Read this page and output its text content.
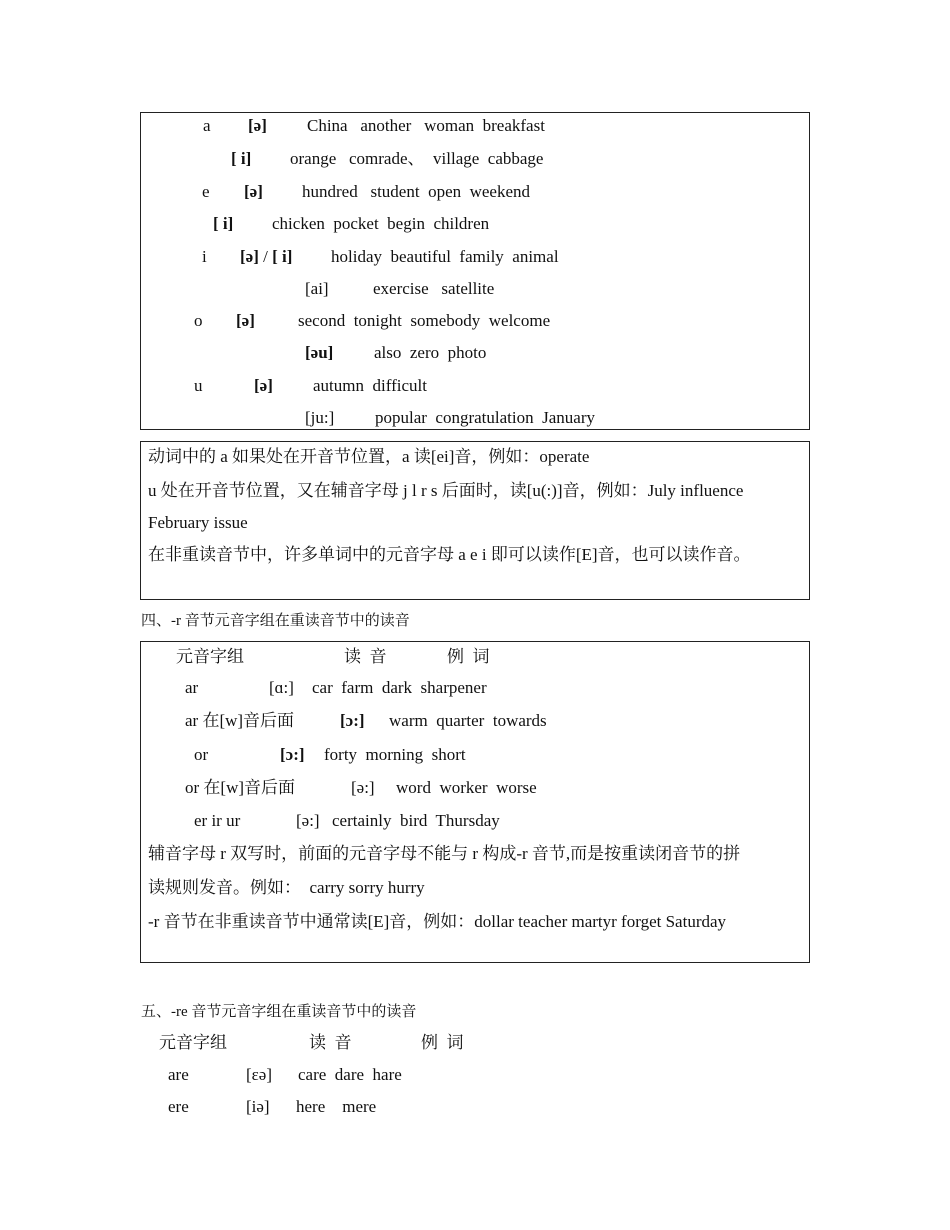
a [ə] China   another   woman  breakfast
[ i] orange   comrade、  village  cabbage
e [ə] hundred   student  open  weekend
[ i] chicken  pocket  begin  children
i [ə] / [ i] holiday  beautiful  family  animal
[ai]	exercise   satellite
o [ə]	second  tonight  somebody  welcome
[əu] also  zero  photo
u	[ə] autumn  difficult
[ju:] popular  congratulation  January
动词中的 a 如果处在开音节位置，a 读[ei]音，例如：operate
u 处在开音节位置，又在辅音字母 j l r s 后面时，读[u(:)]音，例如：July influence
February issue
在非重读音节中，许多单词中的元音字母 a e i 即可以读作[E]音，也可以读作音。
四、-r 音节元音字组在重读音节中的读音
元音字组	读  音	例  词
ar	[ɑ:] car  farm  dark  sharpener
ar 在[w]音后面	[ɔ:] warm  quarter  towards
or	[ɔ:] forty  morning  short
or 在[w]音后面	[ə:] word  worker  worse
er ir ur	[ə:] certainly  bird  Thursday
辅音字母 r 双写时，前面的元音字母不能与 r 构成-r 音节,而是按重读闭音节的拼
读规则发音。例如：  carry sorry hurry
-r 音节在非重读音节中通常读[E]音，例如：dollar teacher martyr forget Saturday
五、-re 音节元音字组在重读音节中的读音
元音字组	读  音	例  词
are	[εə] care  dare  hare
ere	[iə] here    mere
